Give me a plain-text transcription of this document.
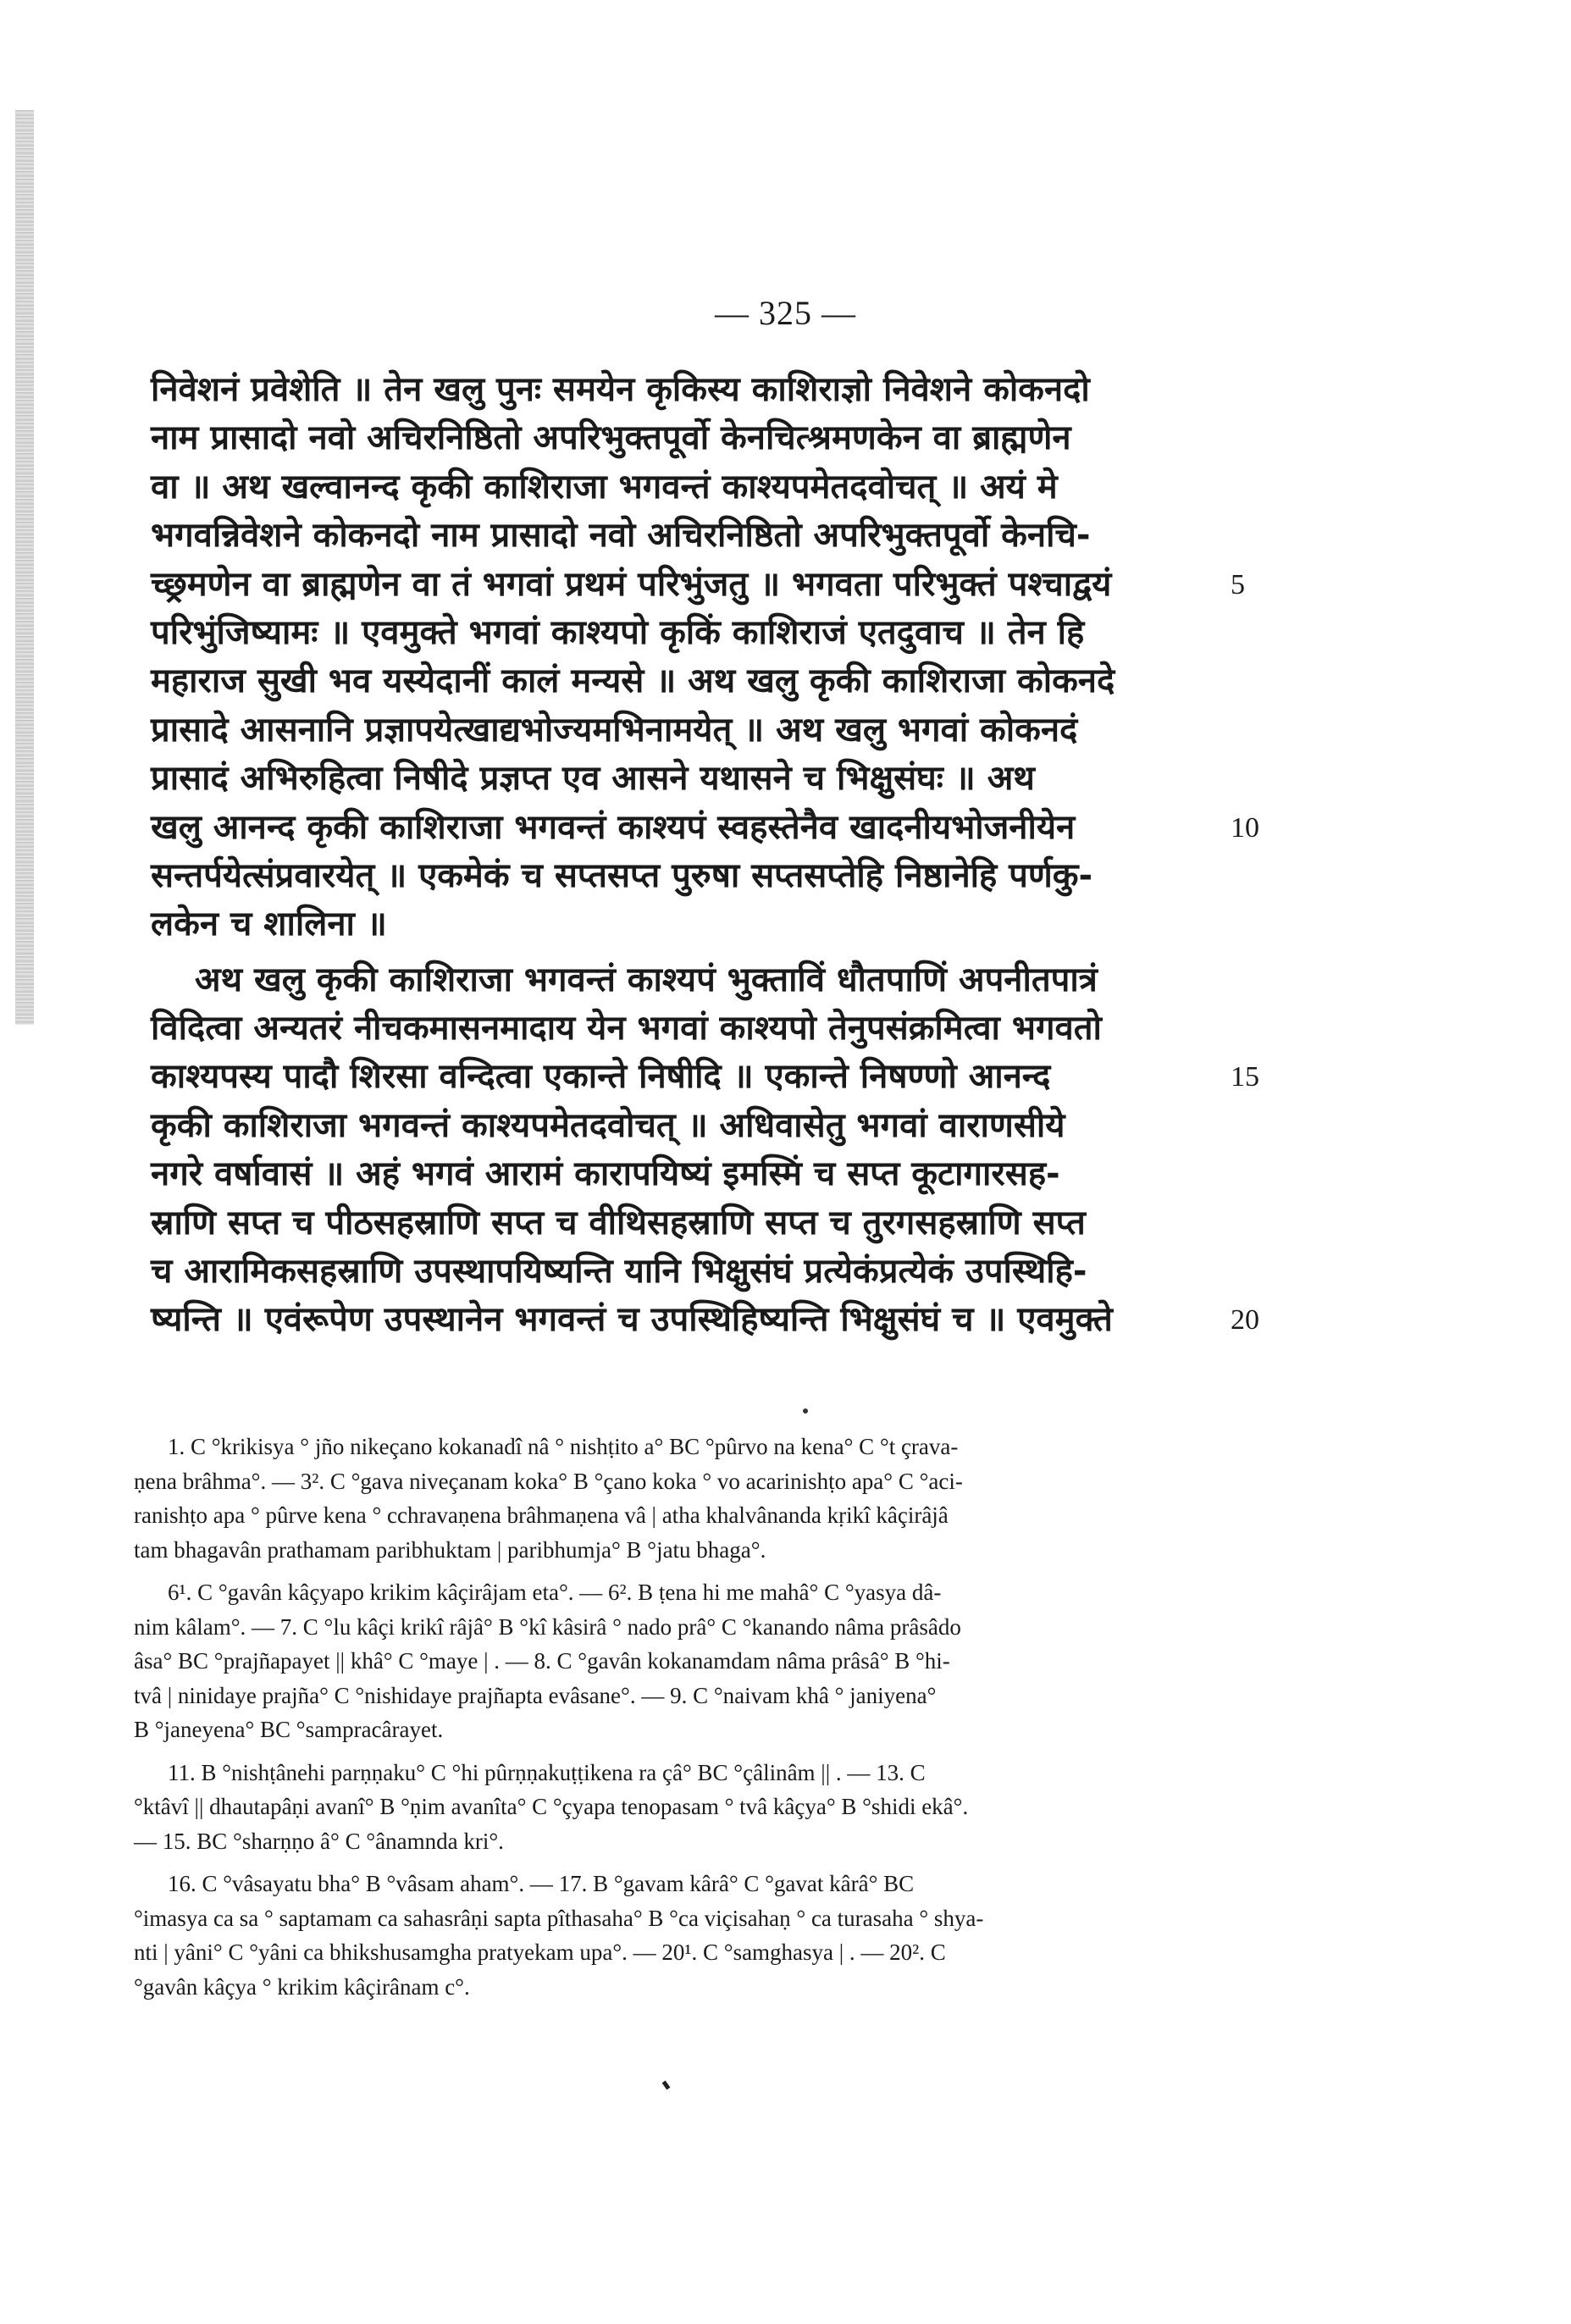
— 325 —
निवेशनं प्रवेशेति ॥ तेन खलु पुनः समयेन कृकिस्य काशिराज्ञो निवेशने कोकनदो
नाम प्रासादो नवो अचिरनिष्ठितो अपरिभुक्तपूर्वो केनचित्श्रमणकेन वा ब्राह्मणेन
वा ॥ अथ खल्वानन्द कृकी काशिराजा भगवन्तं काश्यपमेतदवोचत् ॥ अयं मे
भगवन्निवेशने कोकनदो नाम प्रासादो नवो अचिरनिष्ठितो अपरिभुक्तपूर्वो केनचि-
च्छ्रमणेन वा ब्राह्मणेन वा तं भगवां प्रथमं परिभुंजतु ॥ भगवता परिभुक्तं पश्चाद्वयं	5
परिभुंजिष्यामः ॥ एवमुक्ते भगवां काश्यपो कृकिं काशिराजं एतदुवाच ॥ तेन हि
महाराज सुखी भव यस्येदानीं कालं मन्यसे ॥ अथ खलु कृकी काशिराजा कोकनदे
प्रासादे आसनानि प्रज्ञापयेत्खाद्यभोज्यमभिनामयेत् ॥ अथ खलु भगवां कोकनदं
प्रासादं अभिरुहित्वा निषीदे प्रज्ञप्त एव आसने यथासने च भिक्षुसंघः ॥ अथ
खलु आनन्द कृकी काशिराजा भगवन्तं काश्यपं स्वहस्तेनैव खादनीयभोजनीयेन	10
सन्तर्पयेत्संप्रवारयेत् ॥ एकमेकं च सप्तसप्त पुरुषा सप्तसप्तेहि निष्ठानेहि पर्णकु-
लकेन च शालिना ॥
अथ खलु कृकी काशिराजा भगवन्तं काश्यपं भुक्ताविं धौतपाणिं अपनीतपात्रं
विदित्वा अन्यतरं नीचकमासनमादाय येन भगवां काश्यपो तेनुपसंक्रमित्वा भगवतो
काश्यपस्य पादौ शिरसा वन्दित्वा एकान्ते निषीदि ॥ एकान्ते निषण्णो आनन्द	15
कृकी काशिराजा भगवन्तं काश्यपमेतदवोचत् ॥ अधिवासेतु भगवां वाराणसीये
नगरे वर्षावासं ॥ अहं भगवं आरामं कारापयिष्यं इमस्मिं च सप्त कूटागारसह-
स्राणि सप्त च पीठसहस्राणि सप्त च वीथिसहस्राणि सप्त च तुरगसहस्राणि सप्त
च आरामिकसहस्राणि उपस्थापयिष्यन्ति यानि भिक्षुसंघं प्रत्येकंप्रत्येकं उपस्थिहि-
ष्यन्ति ॥ एवंरूपेण उपस्थानेन भगवन्तं च उपस्थिहिष्यन्ति भिक्षुसंघं च ॥ एवमुक्ते	20
1. C °krikisya ° jño nikeçano kokanadî nâ ° nishṭito a° BC °pûrvo na kena° C °t çrava-
ṇena brâhma°. — 3². C °gava niveçanam koka° B °çano koka ° vo acarinishṭo apa° C °aci-
ranishṭo apa ° pûrve kena ° cchravaṇena brâhmaṇena vâ | atha khalvânanda kṛikî kâçirâjâ
tam bhagavân prathamam paribhuktam | paribhumja° B °jatu bhaga°.
6¹. C °gavân kâçyapo krikim kâçirâjam eta°. — 6². B ṭena hi me mahâ° C °yasya dâ-
nim kâlam°. — 7. C °lu kâçi krikî râjâ° B °kî kâsirâ ° nado prâ° C °kanando nâma prâsâdo
âsa° BC °prajñapayet || khâ° C °maye | . — 8. C °gavân kokanamdam nâma prâsâ° B °hi-
tvâ | ninidaye prajña° C °nishidaye prajñapta evâsane°. — 9. C °naivam khâ ° janiyena°
B °janeyena° BC °sampracârayet.
11. B °nishṭânehi parṇṇaku° C °hi pûrṇṇakuṭṭikena ra çâ° BC °çâlinâm || . — 13. C
°ktâvî || dhautapâṇi avanî° B °ṇim avanîta° C °çyapa tenopasam ° tvâ kâçya° B °shidi ekâ°.
— 15. BC °sharṇṇo â° C °ânamnda kri°.
16. C °vâsayatu bha° B °vâsam aham°. — 17. B °gavam kârâ° C °gavat kârâ° BC
°imasya ca sa ° saptamam ca sahasrâṇi sapta pîthasaha° B °ca viçisahaṇ ° ca turasaha ° shya-
nti | yâni° C °yâni ca bhikshusamgha pratyekam upa°. — 20¹. C °samghasya | . — 20². C
°gavân kâçya ° krikim kâçirânam c°.
